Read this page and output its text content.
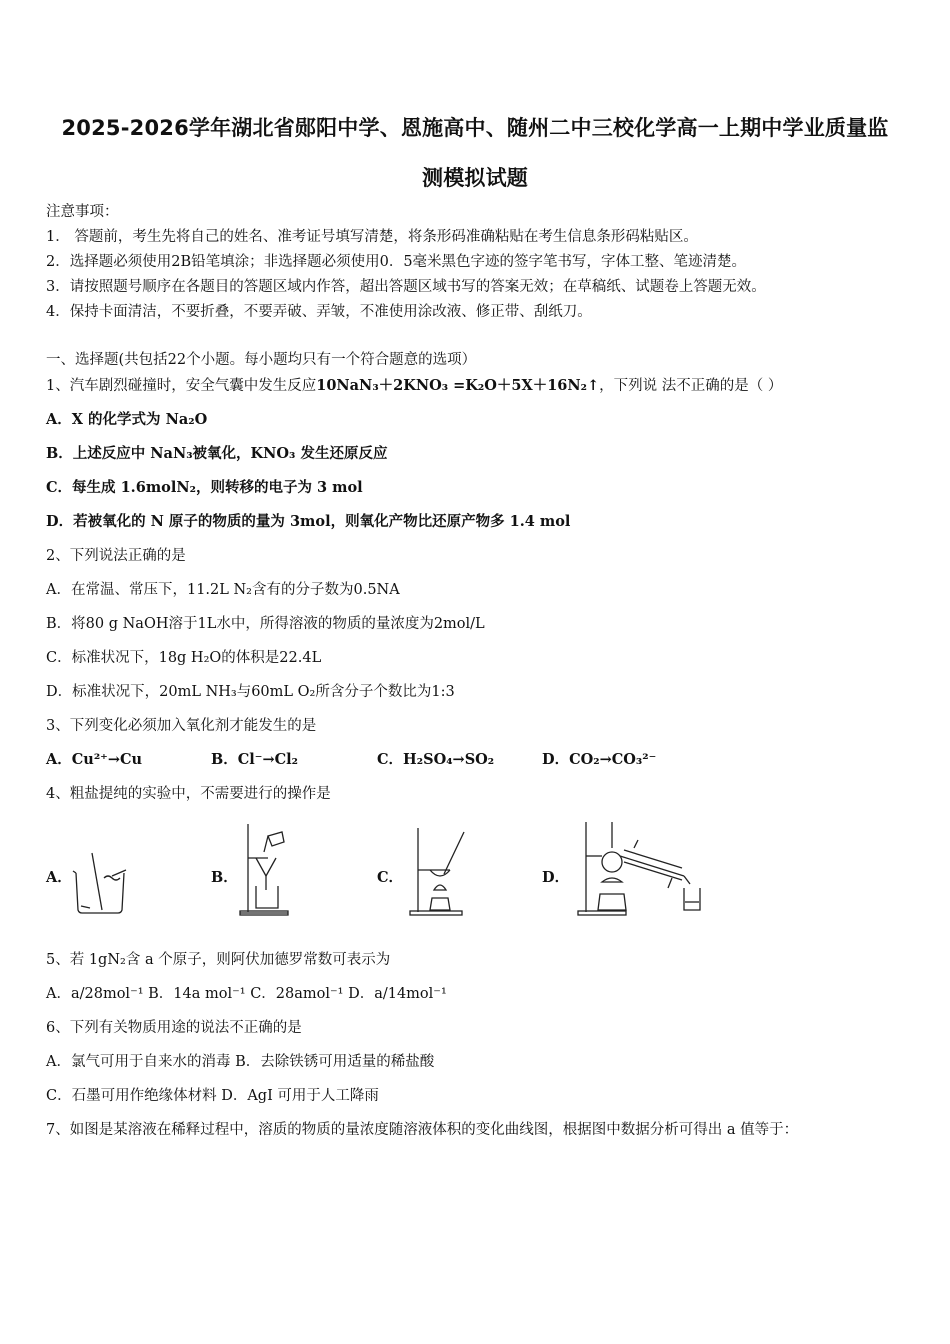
2025-2026学年湖北省郧阳中学、恩施高中、随州二中三校化学高一上期中学业质量监
测模拟试题
注意事项：
1． 答题前，考生先将自己的姓名、准考证号填写清楚，将条形码准确粘贴在考生信息条形码粘贴区。
2．选择题必须使用2B铅笔填涂；非选择题必须使用0．5毫米黑色字迹的签字笔书写，字体工整、笔迹清楚。
3．请按照题号顺序在各题目的答题区域内作答，超出答题区域书写的答案无效；在草稿纸、试题卷上答题无效。
4．保持卡面清洁，不要折叠，不要弄破、弄皱，不准使用涂改液、修正带、刮纸刀。
一、选择题(共包括22个小题。每小题均只有一个符合题意的选项）
1、汽车剧烈碰撞时，安全气囊中发生反应10NaN₃＋2KNO₃ =K₂O＋5X＋16N₂↑，下列说 法不正确的是（ ）
A．X 的化学式为 Na₂O
B．上述反应中 NaN₃被氧化，KNO₃ 发生还原反应
C．每生成 1.6molN₂，则转移的电子为 3 mol
D．若被氧化的 N 原子的物质的量为 3mol，则氧化产物比还原产物多 1.4 mol
2、下列说法正确的是
A．在常温、常压下，11.2L N₂含有的分子数为0.5NA
B．将80 g NaOH溶于1L水中，所得溶液的物质的量浓度为2mol/L
C．标准状况下，18g H₂O的体积是22.4L
D．标准状况下，20mL NH₃与60mL O₂所含分子个数比为1:3
3、下列变化必须加入氧化剂才能发生的是
A．Cu²⁺→Cu	B．Cl⁻→Cl₂	C．H₂SO₄→SO₂	D．CO₂→CO₃²⁻
4、粗盐提纯的实验中，不需要进行的操作是
A．	B．	C．	D．
5、若 1gN₂含 a 个原子，则阿伏加德罗常数可表示为
A．a/28mol⁻¹ B．14a mol⁻¹ C．28amol⁻¹ D．a/14mol⁻¹
6、下列有关物质用途的说法不正确的是
A．氯气可用于自来水的消毒 B．去除铁锈可用适量的稀盐酸
C．石墨可用作绝缘体材料 D．AgI 可用于人工降雨
7、如图是某溶液在稀释过程中，溶质的物质的量浓度随溶液体积的变化曲线图，根据图中数据分析可得出 a 值等于：
